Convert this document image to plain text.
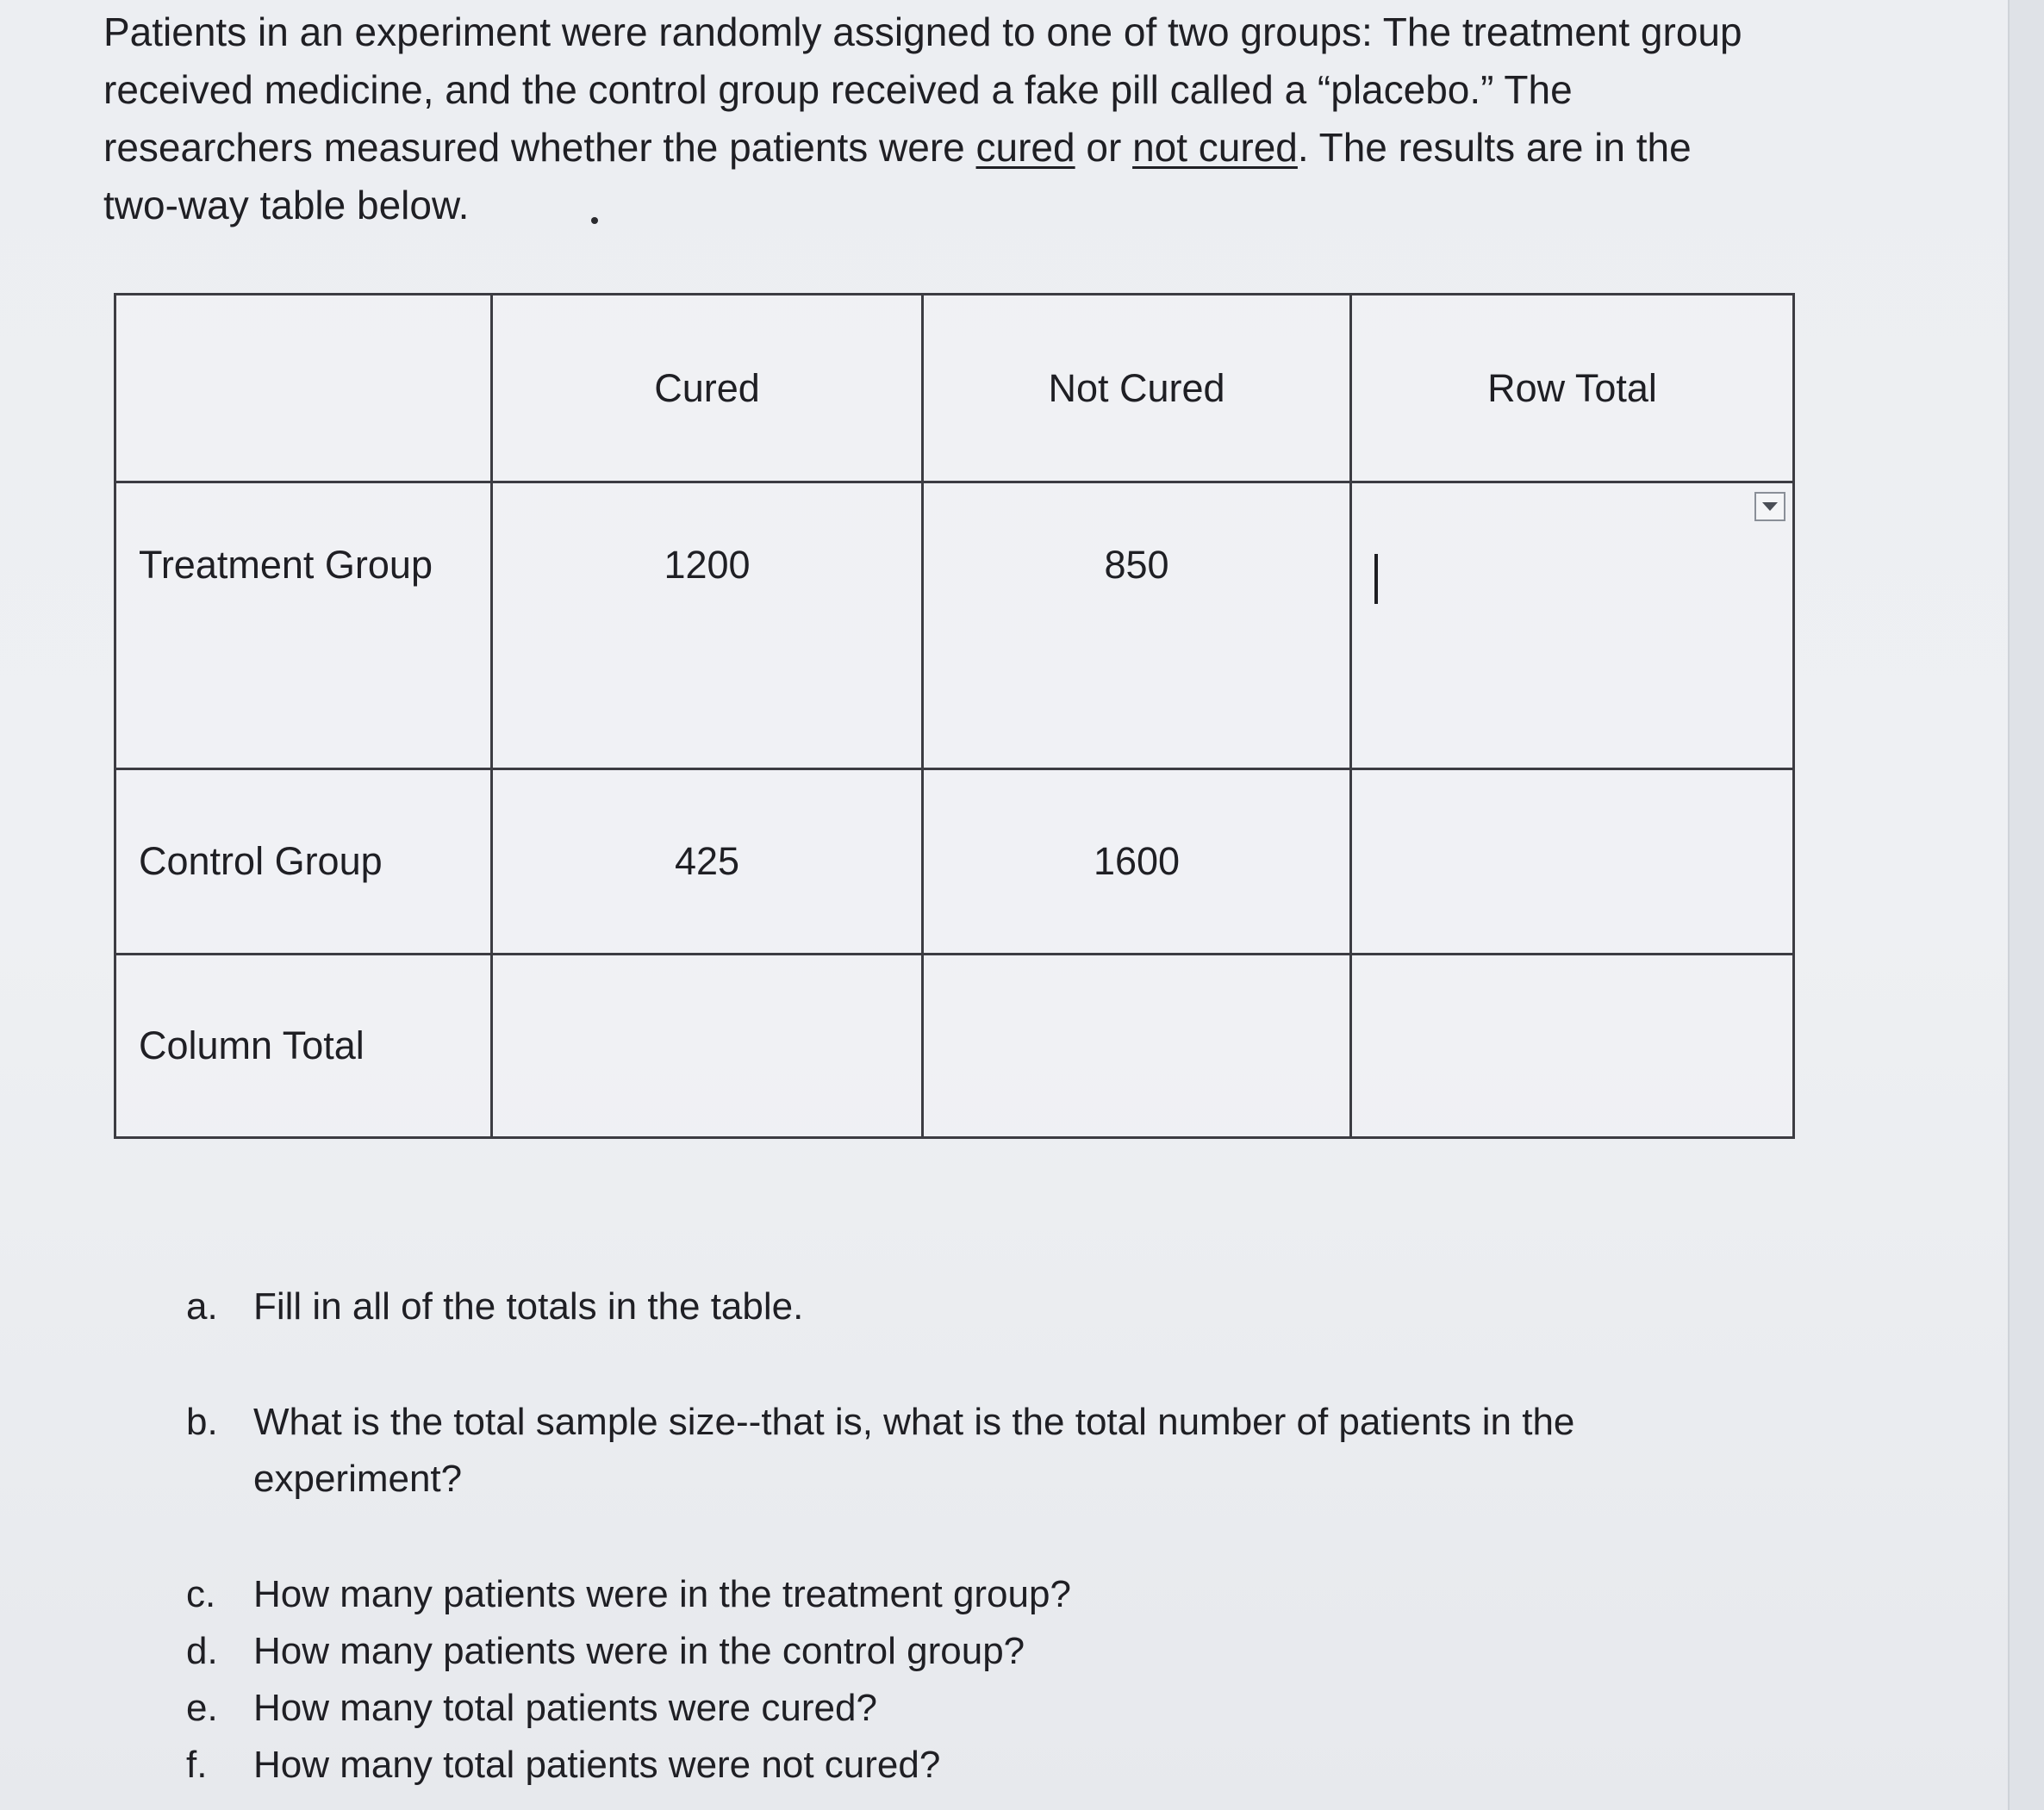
Patients in an experiment were randomly assigned to one of two groups: The treatment group
received medicine, and the control group received a fake pill called a “placebo.” The
researchers measured whether the patients were cured or not cured. The results are in the
two-way table below.

	Cured	Not Cured	Row Total
Treatment Group	1200	850	

Control Group	425	1600	
Column Total			
a. Fill in all of the totals in the table.
b. What is the total sample size--that is, what is the total number of patients in the experiment?
c. How many patients were in the treatment group?
d. How many patients were in the control group?
e. How many total patients were cured?
f.	How many total patients were not cured?
